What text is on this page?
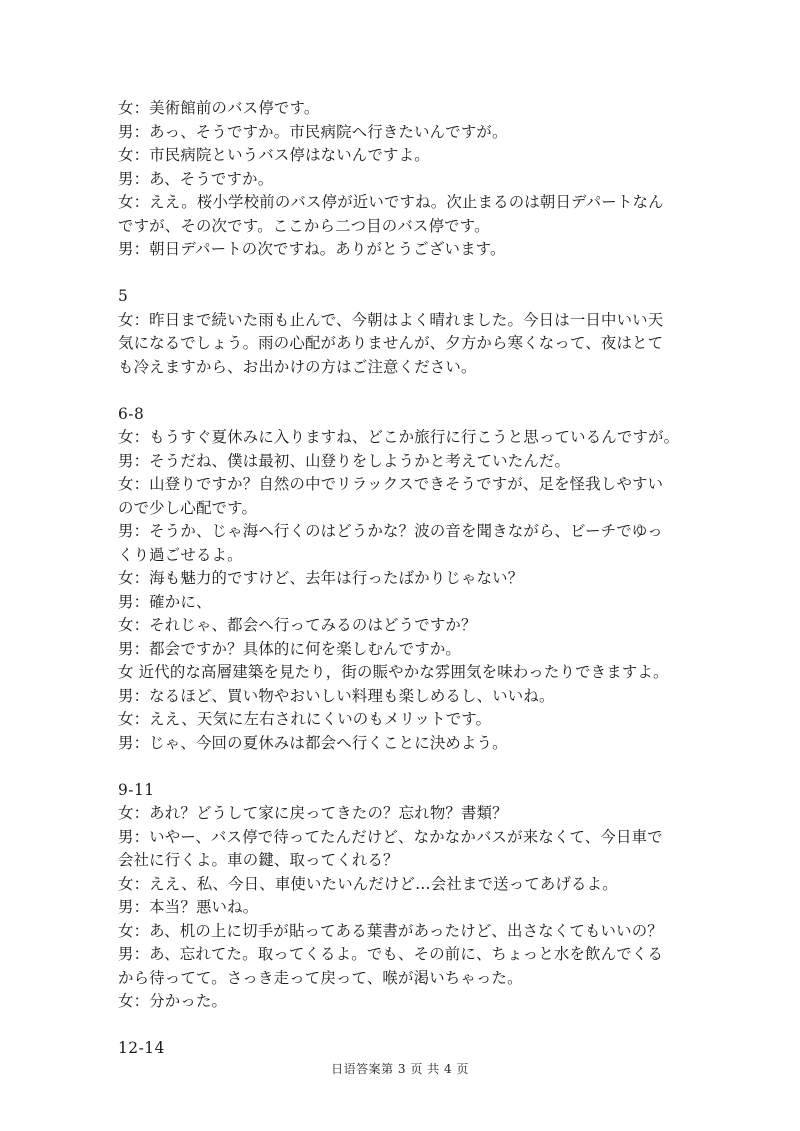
女：美術館前のバス停です。
男：あっ、そうですか。市民病院へ行きたいんですが。
女：市民病院というバス停はないんですよ。
男：あ、そうですか。
女：ええ。桜小学校前のバス停が近いですね。次止まるのは朝日デパートなん
ですが、その次です。ここから二つ目のバス停です。
男：朝日デパートの次ですね。ありがとうございます。
5
女：昨日まで続いた雨も止んで、今朝はよく晴れました。今日は一日中いい天
気になるでしょう。雨の心配がありませんが、夕方から寒くなって、夜はとて
も冷えますから、お出かけの方はご注意ください。
6-8
女：もうすぐ夏休みに入りますね、どこか旅行に行こうと思っているんですが。
男：そうだね、僕は最初、山登りをしようかと考えていたんだ。
女：山登りですか？自然の中でリラックスできそうですが、足を怪我しやすい
ので少し心配です。
男：そうか、じゃ海へ行くのはどうかな？波の音を聞きながら、ビーチでゆっ
くり過ごせるよ。
女：海も魅力的ですけど、去年は行ったばかりじゃない？
男：確かに、
女：それじゃ、都会へ行ってみるのはどうですか？
男：都会ですか？具体的に何を楽しむんですか。
女 近代的な高層建築を見たり，街の賑やかな雰囲気を味わったりできますよ。
男：なるほど、買い物やおいしい料理も楽しめるし、いいね。
女：ええ、天気に左右されにくいのもメリットです。
男：じゃ、今回の夏休みは都会へ行くことに決めよう。
9-11
女：あれ？どうして家に戻ってきたの？忘れ物？書類？
男：いやー、バス停で待ってたんだけど、なかなかバスが来なくて、今日車で
会社に行くよ。車の鍵、取ってくれる？
女：ええ、私、今日、車使いたいんだけど…会社まで送ってあげるよ。
男：本当？悪いね。
女：あ、机の上に切手が貼ってある葉書があったけど、出さなくてもいいの？
男：あ、忘れてた。取ってくるよ。でも、その前に、ちょっと水を飲んでくる
から待ってて。さっき走って戻って、喉が渇いちゃった。
女：分かった。
12-14
日语答案第 3 页 共 4 页
